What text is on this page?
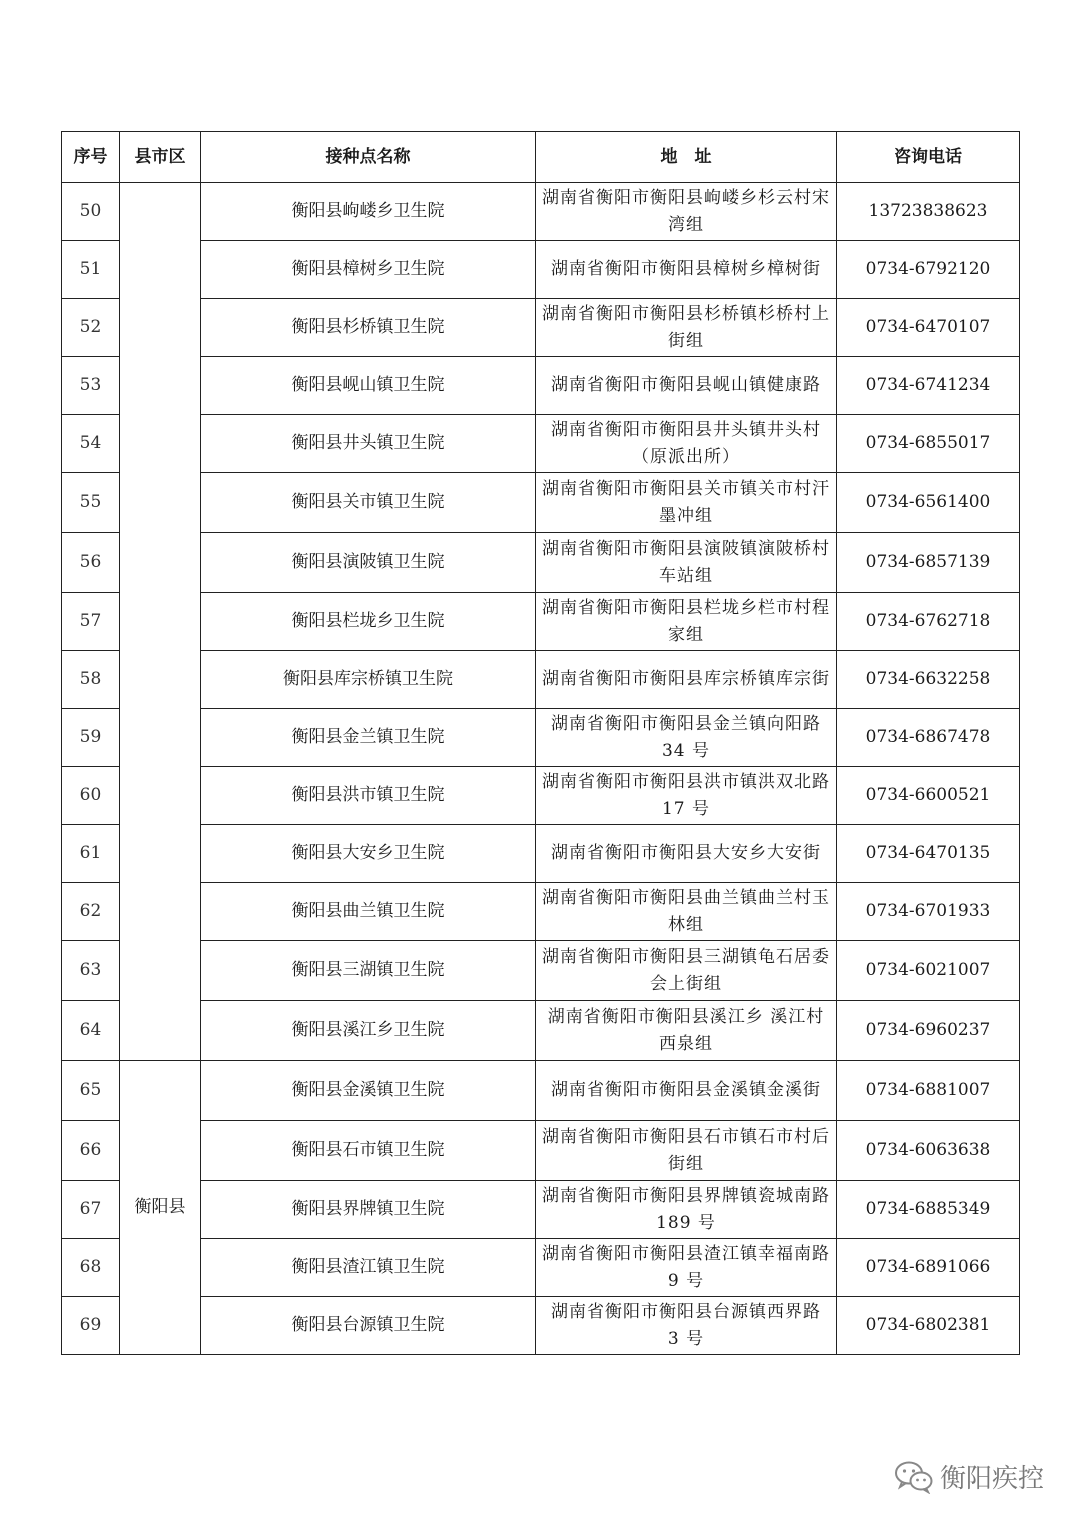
序号	县市区	接种点名称	地　址	咨询电话
50		衡阳县岣嵝乡卫生院	湖南省衡阳市衡阳县岣嵝乡杉云村宋湾组	13723838623
51		衡阳县樟树乡卫生院	湖南省衡阳市衡阳县樟树乡樟树街	0734-6792120
52		衡阳县杉桥镇卫生院	湖南省衡阳市衡阳县杉桥镇杉桥村上街组	0734-6470107
53		衡阳县岘山镇卫生院	湖南省衡阳市衡阳县岘山镇健康路	0734-6741234
54		衡阳县井头镇卫生院	湖南省衡阳市衡阳县井头镇井头村（原派出所）	0734-6855017
55		衡阳县关市镇卫生院	湖南省衡阳市衡阳县关市镇关市村汗墨冲组	0734-6561400
56		衡阳县演陂镇卫生院	湖南省衡阳市衡阳县演陂镇演陂桥村车站组	0734-6857139
57		衡阳县栏垅乡卫生院	湖南省衡阳市衡阳县栏垅乡栏市村程家组	0734-6762718
58		衡阳县库宗桥镇卫生院	湖南省衡阳市衡阳县库宗桥镇库宗街	0734-6632258
59		衡阳县金兰镇卫生院	湖南省衡阳市衡阳县金兰镇向阳路 34 号	0734-6867478
60		衡阳县洪市镇卫生院	湖南省衡阳市衡阳县洪市镇洪双北路 17 号	0734-6600521
61		衡阳县大安乡卫生院	湖南省衡阳市衡阳县大安乡大安街	0734-6470135
62		衡阳县曲兰镇卫生院	湖南省衡阳市衡阳县曲兰镇曲兰村玉林组	0734-6701933
63		衡阳县三湖镇卫生院	湖南省衡阳市衡阳县三湖镇龟石居委会上街组	0734-6021007
64		衡阳县溪江乡卫生院	湖南省衡阳市衡阳县溪江乡 溪江村西泉组	0734-6960237
65	衡阳县	衡阳县金溪镇卫生院	湖南省衡阳市衡阳县金溪镇金溪街	0734-6881007
66		衡阳县石市镇卫生院	湖南省衡阳市衡阳县石市镇石市村后街组	0734-6063638
67		衡阳县界牌镇卫生院	湖南省衡阳市衡阳县界牌镇瓷城南路 189 号	0734-6885349
68		衡阳县渣江镇卫生院	湖南省衡阳市衡阳县渣江镇幸福南路 9 号	0734-6891066
69		衡阳县台源镇卫生院	湖南省衡阳市衡阳县台源镇西界路 3 号	0734-6802381
衡阳疾控
